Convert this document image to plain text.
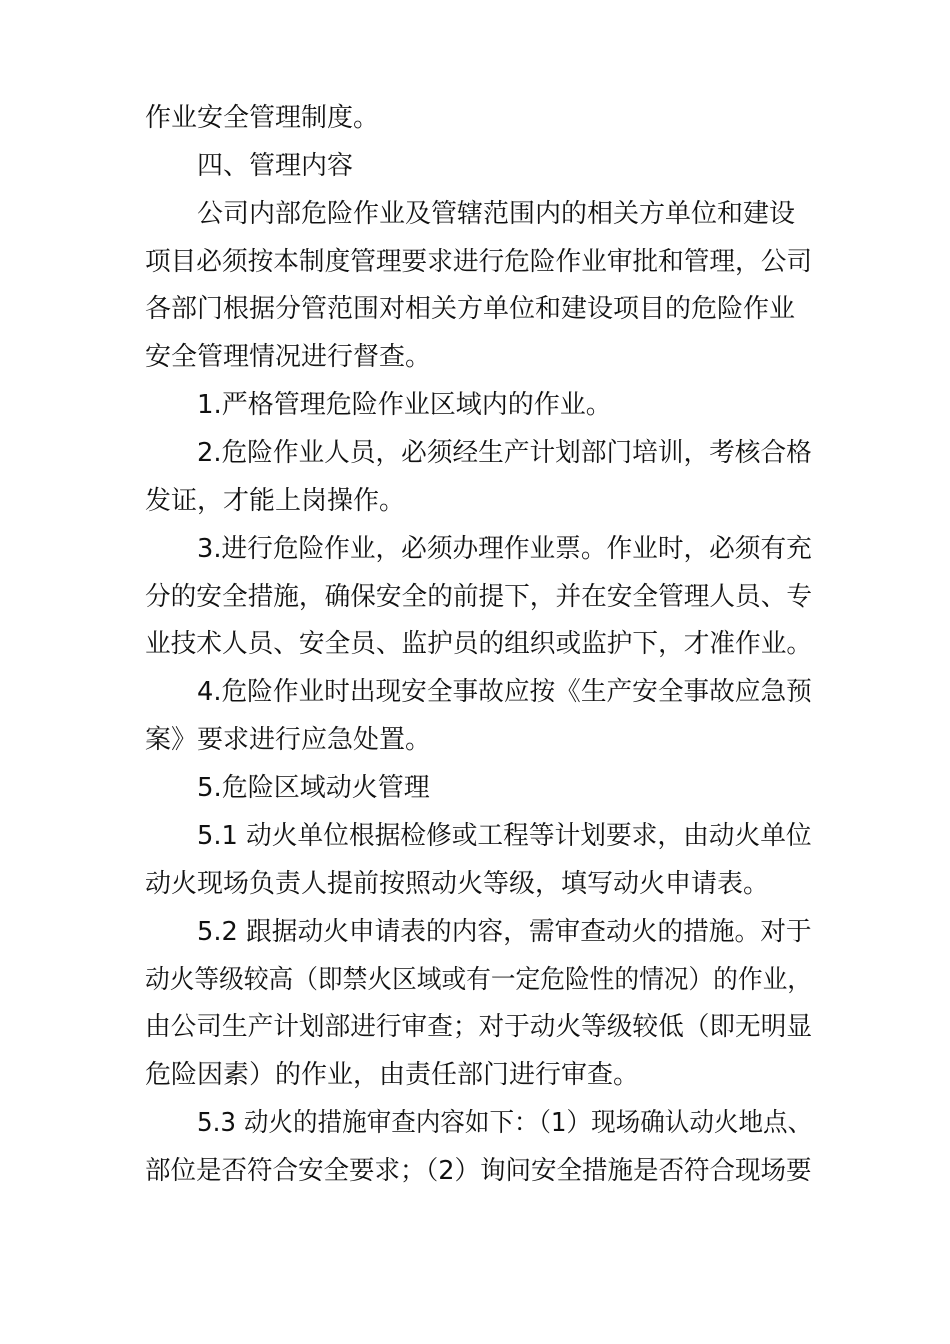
作业安全管理制度。
四、管理内容
公司内部危险作业及管辖范围内的相关方单位和建设
项目必须按本制度管理要求进行危险作业审批和管理，公司
各部门根据分管范围对相关方单位和建设项目的危险作业
安全管理情况进行督查。
1.严格管理危险作业区域内的作业。
2.危险作业人员，必须经生产计划部门培训，考核合格
发证，才能上岗操作。
3.进行危险作业，必须办理作业票。作业时，必须有充
分的安全措施，确保安全的前提下，并在安全管理人员、专
业技术人员、安全员、监护员的组织或监护下，才准作业。
4.危险作业时出现安全事故应按《生产安全事故应急预
案》要求进行应急处置。
5.危险区域动火管理
5.1 动火单位根据检修或工程等计划要求，由动火单位
动火现场负责人提前按照动火等级，填写动火申请表。
5.2 跟据动火申请表的内容，需审查动火的措施。对于
动火等级较高（即禁火区域或有一定危险性的情况）的作业，
由公司生产计划部进行审查；对于动火等级较低（即无明显
危险因素）的作业，由责任部门进行审查。
5.3 动火的措施审查内容如下：（1）现场确认动火地点、
部位是否符合安全要求；（2）询问安全措施是否符合现场要
